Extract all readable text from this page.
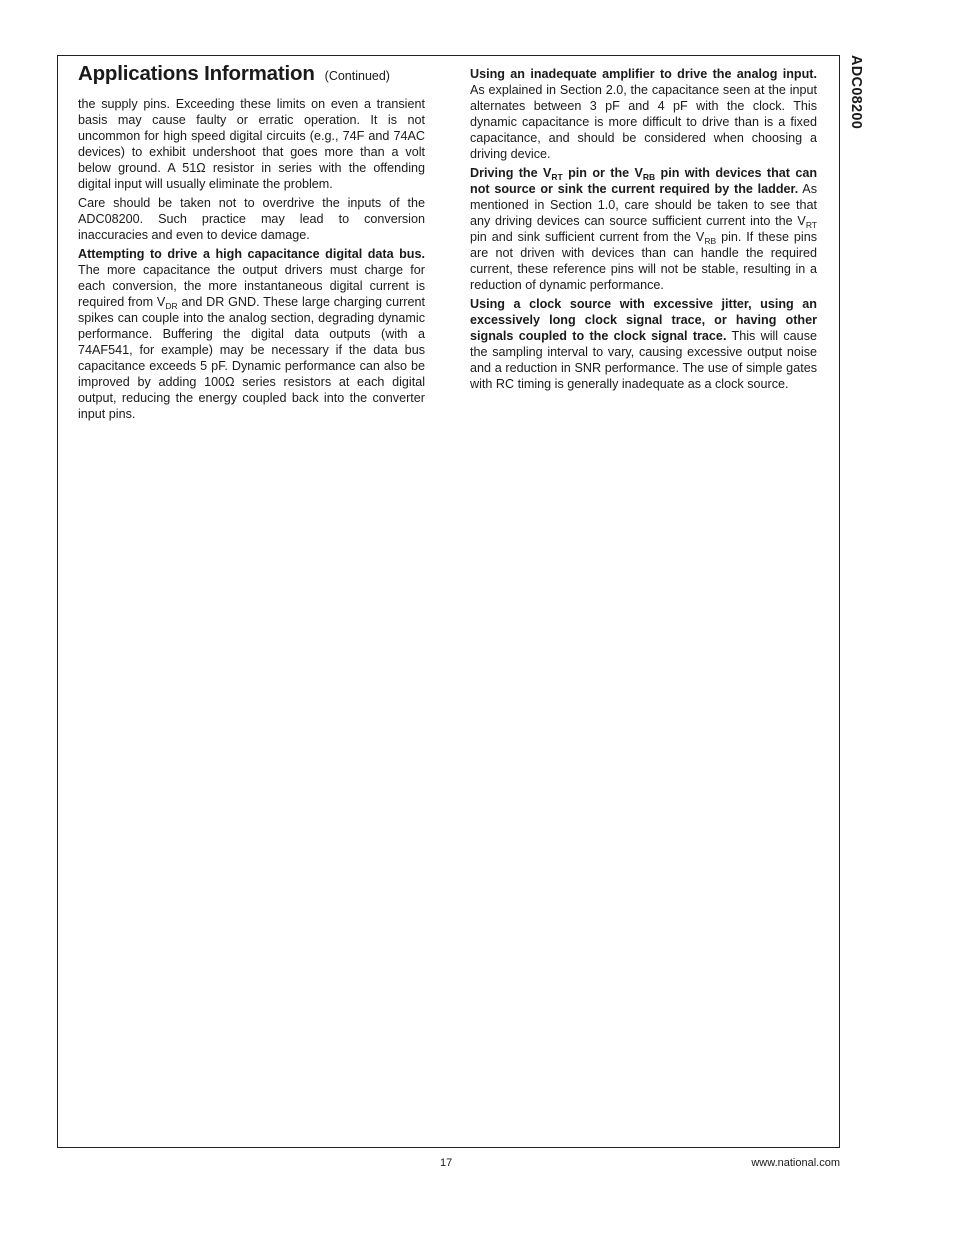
Applications Information (Continued)

the supply pins. Exceeding these limits on even a transient basis may cause faulty or erratic operation. It is not uncommon for high speed digital circuits (e.g., 74F and 74AC devices) to exhibit undershoot that goes more than a volt below ground. A 51Ω resistor in series with the offending digital input will usually eliminate the problem.

Care should be taken not to overdrive the inputs of the ADC08200. Such practice may lead to conversion inaccuracies and even to device damage.

Attempting to drive a high capacitance digital data bus. The more capacitance the output drivers must charge for each conversion, the more instantaneous digital current is required from $V_{DR}$ and DR GND. These large charging current spikes can couple into the analog section, degrading dynamic performance. Buffering the digital data outputs (with a 74AF541, for example) may be necessary if the data bus capacitance exceeds 5 pF. Dynamic performance can also be improved by adding 100Ω series resistors at each digital output, reducing the energy coupled back into the converter input pins.

Using an inadequate amplifier to drive the analog input. As explained in Section 2.0, the capacitance seen at the input alternates between 3 pF and 4 pF with the clock. This dynamic capacitance is more difficult to drive than is a fixed capacitance, and should be considered when choosing a driving device.

Driving the $V_{RT}$ pin or the $V_{RB}$ pin with devices that can not source or sink the current required by the ladder. As mentioned in Section 1.0, care should be taken to see that any driving devices can source sufficient current into the $V_{RT}$ pin and sink sufficient current from the $V_{RB}$ pin. If these pins are not driven with devices than can handle the required current, these reference pins will not be stable, resulting in a reduction of dynamic performance.

Using a clock source with excessive jitter, using an excessively long clock signal trace, or having other signals coupled to the clock signal trace. This will cause the sampling interval to vary, causing excessive output noise and a reduction in SNR performance. The use of simple gates with RC timing is generally inadequate as a clock source.

ADC08200
17	www.national.com
